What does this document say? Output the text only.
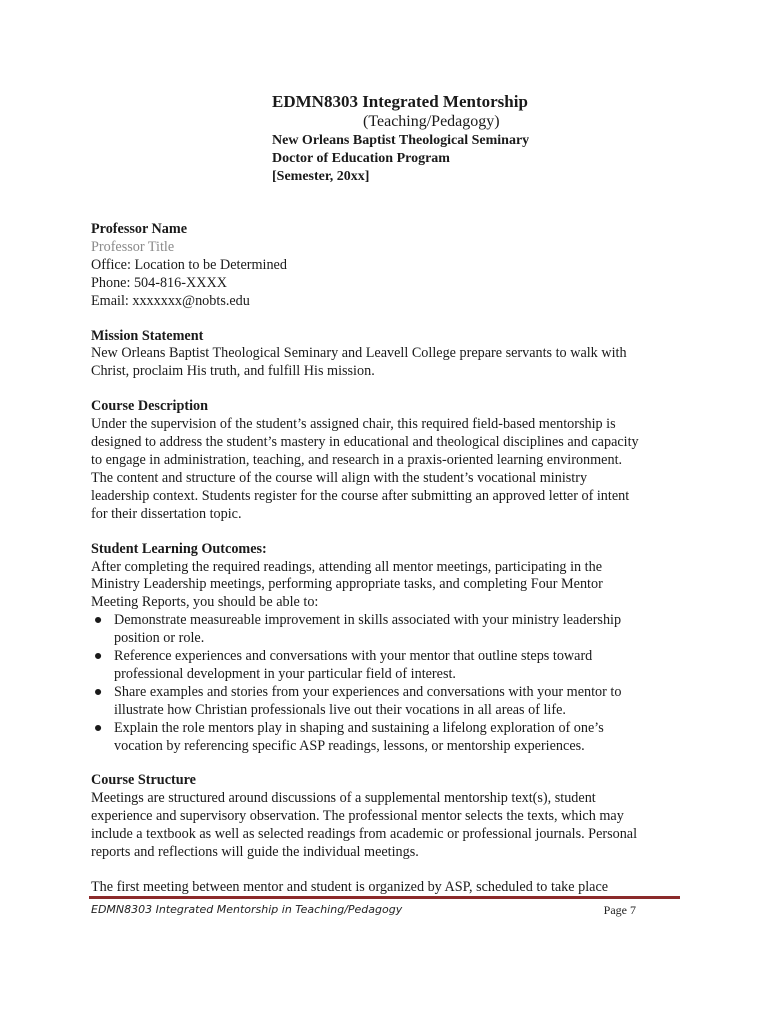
EDMN8303 Integrated Mentorship
(Teaching/Pedagogy)
New Orleans Baptist Theological Seminary
Doctor of Education Program
[Semester, 20xx]

Professor Name

Professor Title

Office: Location to be Determined

Phone: 504-816-XXXX

Email: xxxxxxx@nobts.edu

Mission Statement

New Orleans Baptist Theological Seminary and Leavell College prepare servants to walk with

Christ, proclaim His truth, and fulfill His mission.

Course Description

Under the supervision of the student’s assigned chair, this required field-based mentorship is

designed to address the student’s mastery in educational and theological disciplines and capacity

to engage in administration, teaching, and research in a praxis-oriented learning environment.

The content and structure of the course will align with the student’s vocational ministry

leadership context. Students register for the course after submitting an approved letter of intent

for their dissertation topic.

Student Learning Outcomes:

After completing the required readings, attending all mentor meetings, participating in the

Ministry Leadership meetings, performing appropriate tasks, and completing Four Mentor

Meeting Reports, you should be able to:

● Demonstrate measureable improvement in skills associated with your ministry leadership
position or role.
● Reference experiences and conversations with your mentor that outline steps toward
professional development in your particular field of interest.
● Share examples and stories from your experiences and conversations with your mentor to
illustrate how Christian professionals live out their vocations in all areas of life.
● Explain the role mentors play in shaping and sustaining a lifelong exploration of one’s
vocation by referencing specific ASP readings, lessons, or mentorship experiences.

Course Structure

Meetings are structured around discussions of a supplemental mentorship text(s), student

experience and supervisory observation. The professional mentor selects the texts, which may

include a textbook as well as selected readings from academic or professional journals. Personal

reports and reflections will guide the individual meetings.

The first meeting between mentor and student is organized by ASP, scheduled to take place

EDMN8303 Integrated Mentorship in Teaching/Pedagogy	Page 7
